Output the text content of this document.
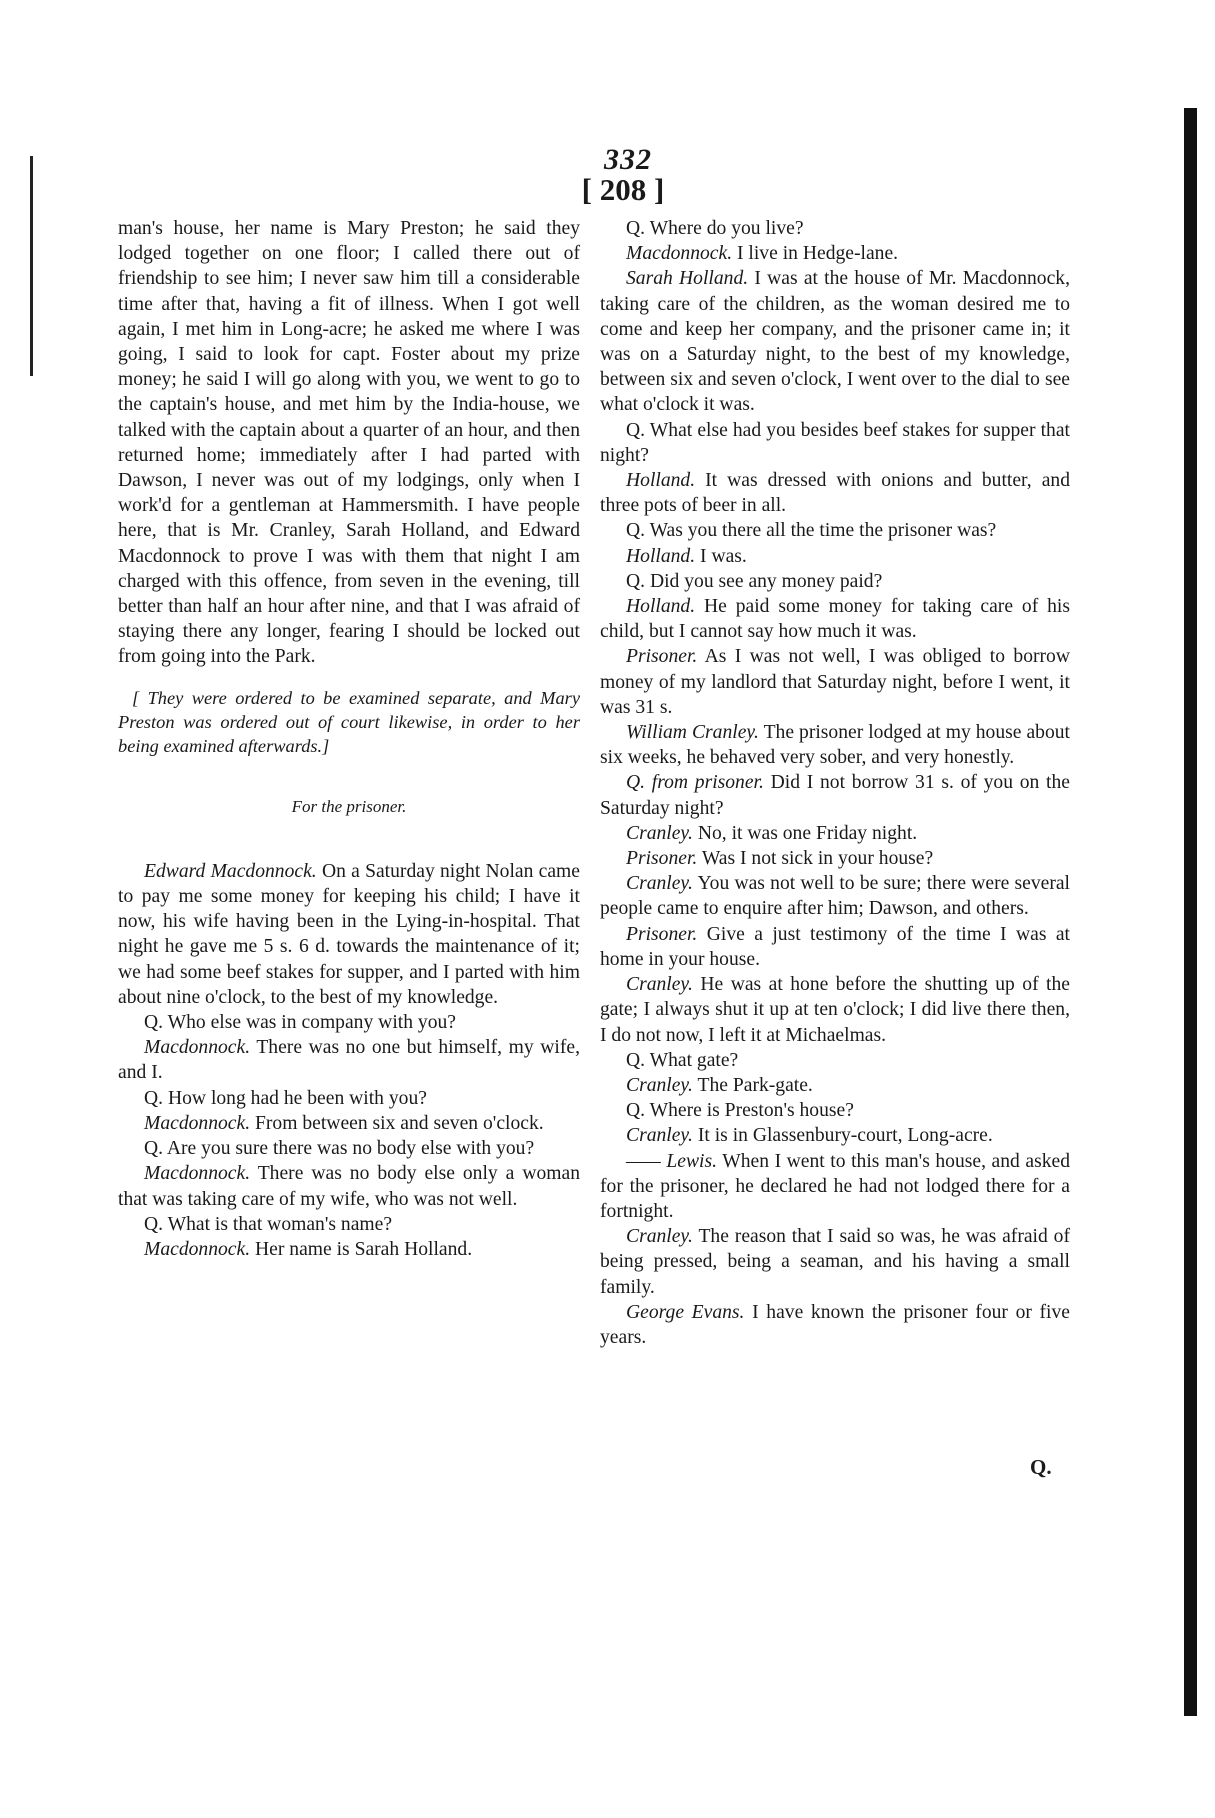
332
[ 208 ]

man's house, her name is Mary Preston; he said they lodged together on one floor; I called there out of friendship to see him; I never saw him till a considerable time after that, having a fit of illness. When I got well again, I met him in Long-acre; he asked me where I was going, I said to look for capt. Foster about my prize money; he said I will go along with you, we went to go to the captain's house, and met him by the India-house, we talked with the captain about a quarter of an hour, and then returned home; immediately after I had parted with Dawson, I never was out of my lodgings, only when I work'd for a gentleman at Hammersmith. I have people here, that is Mr. Cranley, Sarah Holland, and Edward Macdonnock to prove I was with them that night I am charged with this offence, from seven in the evening, till better than half an hour after nine, and that I was afraid of staying there any longer, fearing I should be locked out from going into the Park.

[ They were ordered to be examined separate, and Mary Preston was ordered out of court likewise, in order to her being examined afterwards.]

For the prisoner.

Edward Macdonnock. On a Saturday night Nolan came to pay me some money for keeping his child; I have it now, his wife having been in the Lying-in-hospital. That night he gave me 5 s. 6 d. towards the maintenance of it; we had some beef stakes for supper, and I parted with him about nine o'clock, to the best of my knowledge.

Q. Who else was in company with you?

Macdonnock. There was no one but himself, my wife, and I.

Q. How long had he been with you?

Macdonnock. From between six and seven o'clock.

Q. Are you sure there was no body else with you?

Macdonnock. There was no body else only a woman that was taking care of my wife, who was not well.

Q. What is that woman's name?

Macdonnock. Her name is Sarah Holland.

Q. Where do you live?

Macdonnock. I live in Hedge-lane.

Sarah Holland. I was at the house of Mr. Macdonnock, taking care of the children, as the woman desired me to come and keep her company, and the prisoner came in; it was on a Saturday night, to the best of my knowledge, between six and seven o'clock, I went over to the dial to see what o'clock it was.

Q. What else had you besides beef stakes for supper that night?

Holland. It was dressed with onions and butter, and three pots of beer in all.

Q. Was you there all the time the prisoner was?

Holland. I was.

Q. Did you see any money paid?

Holland. He paid some money for taking care of his child, but I cannot say how much it was.

Prisoner. As I was not well, I was obliged to borrow money of my landlord that Saturday night, before I went, it was 31 s.

William Cranley. The prisoner lodged at my house about six weeks, he behaved very sober, and very honestly.

Q. from prisoner. Did I not borrow 31 s. of you on the Saturday night?

Cranley. No, it was one Friday night.

Prisoner. Was I not sick in your house?

Cranley. You was not well to be sure; there were several people came to enquire after him; Dawson, and others.

Prisoner. Give a just testimony of the time I was at home in your house.

Cranley. He was at hone before the shutting up of the gate; I always shut it up at ten o'clock; I did live there then, I do not now, I left it at Michaelmas.

Q. What gate?

Cranley. The Park-gate.

Q. Where is Preston's house?

Cranley. It is in Glassenbury-court, Long-acre.

—— Lewis. When I went to this man's house, and asked for the prisoner, he declared he had not lodged there for a fortnight.

Cranley. The reason that I said so was, he was afraid of being pressed, being a seaman, and his having a small family.

George Evans. I have known the prisoner four or five years.

Q.
